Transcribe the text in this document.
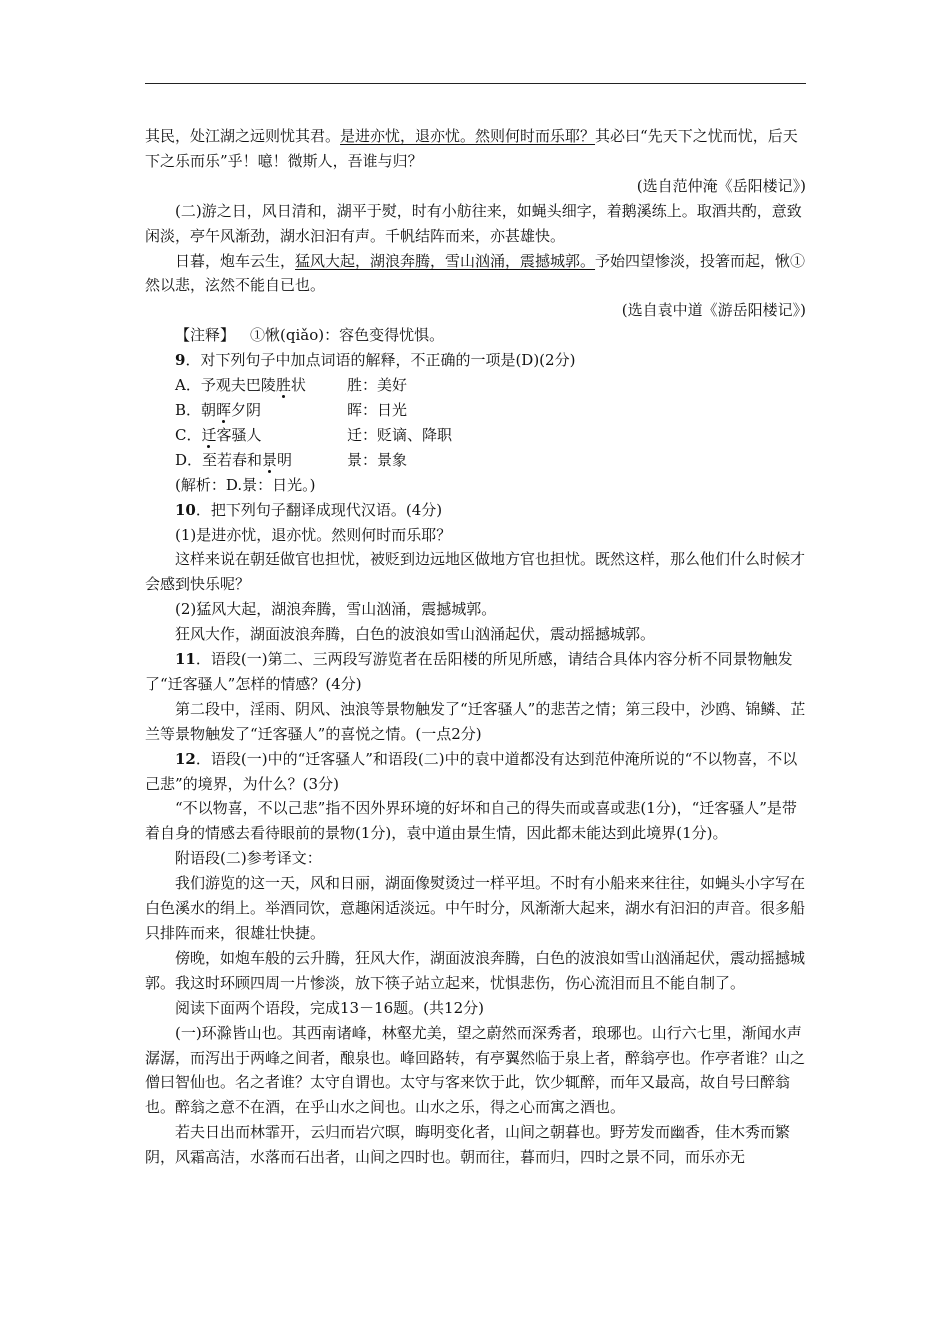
其民，处江湖之远则忧其君。是进亦忧，退亦忧。然则何时而乐耶？其必曰“先天下之忧而忧，后天下之乐而乐”乎！噫！微斯人，吾谁与归？

(选自范仲淹《岳阳楼记》)

(二)游之日，风日清和，湖平于熨，时有小舫往来，如蝇头细字，着鹅溪练上。取酒共酌，意致闲淡，亭午风渐劲，湖水汩汩有声。千帆结阵而来，亦甚雄快。

日暮，炮车云生，猛风大起，湖浪奔腾，雪山汹涌，震撼城郭。予始四望惨淡，投箸而起，愀①然以悲，泫然不能自已也。

(选自袁中道《游岳阳楼记》)

【注释】  ①愀(qiǎo)：容色变得忧惧。

9．对下列句子中加点词语的解释，不正确的一项是(D)(2分)

A．予观夫巴陵胜状	胜：美好
B．朝晖夕阴	晖：日光
C．迁客骚人	迁：贬谪、降职
D．至若春和景明	景：景象

(解析：D.景：日光。)

10．把下列句子翻译成现代汉语。(4分)

(1)是进亦忧，退亦忧。然则何时而乐耶？

这样来说在朝廷做官也担忧，被贬到边远地区做地方官也担忧。既然这样，那么他们什么时候才会感到快乐呢？

(2)猛风大起，湖浪奔腾，雪山汹涌，震撼城郭。

狂风大作，湖面波浪奔腾，白色的波浪如雪山汹涌起伏，震动摇撼城郭。

11．语段(一)第二、三两段写游览者在岳阳楼的所见所感，请结合具体内容分析不同景物触发了“迁客骚人”怎样的情感？(4分)

第二段中，淫雨、阴风、浊浪等景物触发了“迁客骚人”的悲苦之情；第三段中，沙鸥、锦鳞、芷兰等景物触发了“迁客骚人”的喜悦之情。(一点2分)

12．语段(一)中的“迁客骚人”和语段(二)中的袁中道都没有达到范仲淹所说的“不以物喜，不以己悲”的境界，为什么？(3分)

“不以物喜，不以己悲”指不因外界环境的好坏和自己的得失而或喜或悲(1分)，“迁客骚人”是带着自身的情感去看待眼前的景物(1分)，袁中道由景生情，因此都未能达到此境界(1分)。

附语段(二)参考译文：

我们游览的这一天，风和日丽，湖面像熨烫过一样平坦。不时有小船来来往往，如蝇头小字写在白色溪水的绢上。举酒同饮，意趣闲适淡远。中午时分，风渐渐大起来，湖水有汩汩的声音。很多船只排阵而来，很雄壮快捷。

傍晚，如炮车般的云升腾，狂风大作，湖面波浪奔腾，白色的波浪如雪山汹涌起伏，震动摇撼城郭。我这时环顾四周一片惨淡，放下筷子站立起来，忧惧悲伤，伤心流泪而且不能自制了。

阅读下面两个语段，完成13－16题。(共12分)

(一)环滁皆山也。其西南诸峰，林壑尤美，望之蔚然而深秀者，琅琊也。山行六七里，渐闻水声潺潺，而泻出于两峰之间者，酿泉也。峰回路转，有亭翼然临于泉上者，醉翁亭也。作亭者谁？山之僧曰智仙也。名之者谁？太守自谓也。太守与客来饮于此，饮少辄醉，而年又最高，故自号曰醉翁也。醉翁之意不在酒，在乎山水之间也。山水之乐，得之心而寓之酒也。

若夫日出而林霏开，云归而岩穴暝，晦明变化者，山间之朝暮也。野芳发而幽香，佳木秀而繁阴，风霜高洁，水落而石出者，山间之四时也。朝而往，暮而归，四时之景不同，而乐亦无
